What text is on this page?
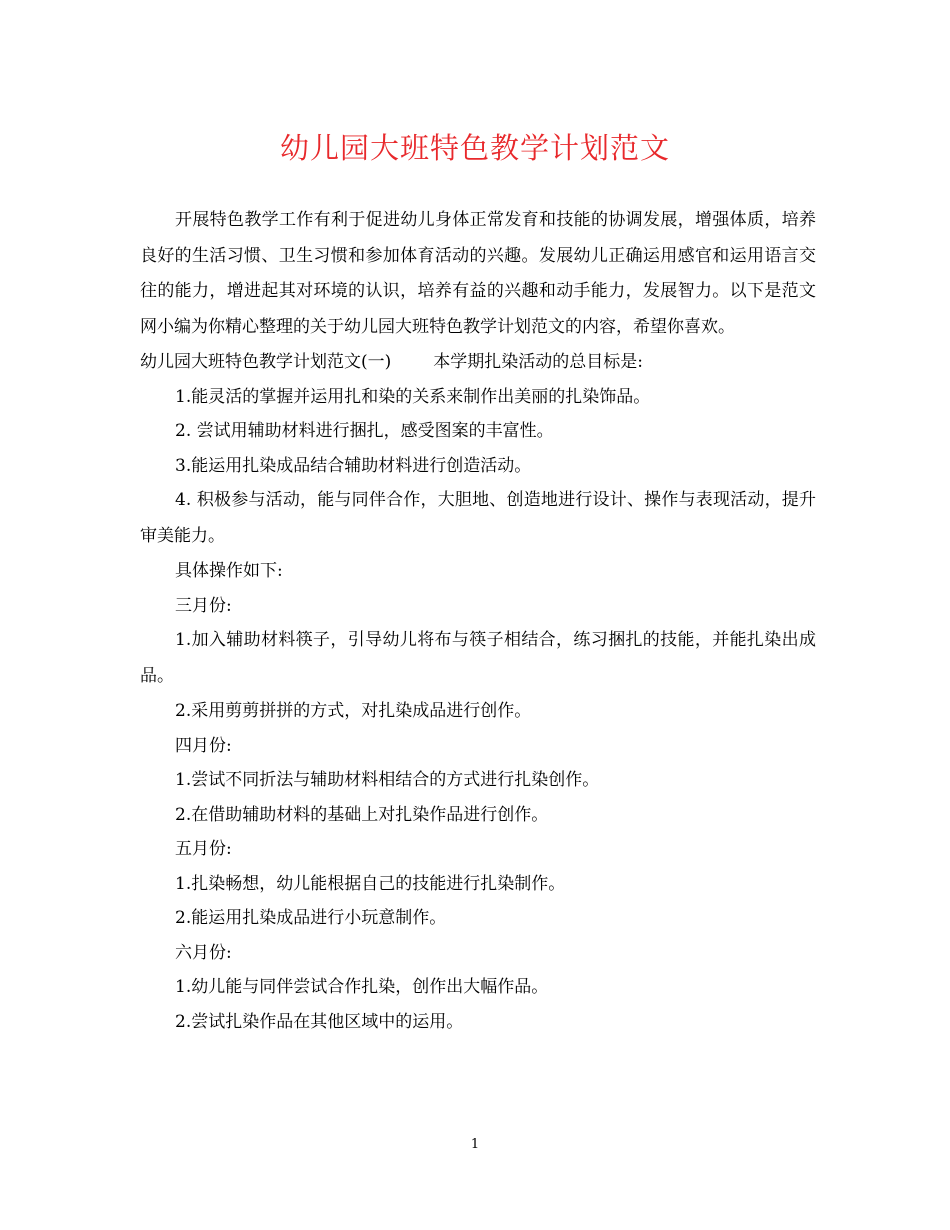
幼儿园大班特色教学计划范文

开展特色教学工作有利于促进幼儿身体正常发育和技能的协调发展，增强体质，培养良好的生活习惯、卫生习惯和参加体育活动的兴趣。发展幼儿正确运用感官和运用语言交往的能力，增进起其对环境的认识，培养有益的兴趣和动手能力，发展智力。以下是范文网小编为你精心整理的关于幼儿园大班特色教学计划范文的内容，希望你喜欢。

幼儿园大班特色教学计划范文(一) 本学期扎染活动的总目标是:

1.能灵活的掌握并运用扎和染的关系来制作出美丽的扎染饰品。

2. 尝试用辅助材料进行捆扎，感受图案的丰富性。

3.能运用扎染成品结合辅助材料进行创造活动。

4. 积极参与活动，能与同伴合作，大胆地、创造地进行设计、操作与表现活动，提升审美能力。

具体操作如下:

三月份:

1.加入辅助材料筷子，引导幼儿将布与筷子相结合，练习捆扎的技能，并能扎染出成品。

2.采用剪剪拼拼的方式，对扎染成品进行创作。

四月份:

1.尝试不同折法与辅助材料相结合的方式进行扎染创作。

2.在借助辅助材料的基础上对扎染作品进行创作。

五月份:

1.扎染畅想，幼儿能根据自己的技能进行扎染制作。

2.能运用扎染成品进行小玩意制作。

六月份:

1.幼儿能与同伴尝试合作扎染，创作出大幅作品。

2.尝试扎染作品在其他区域中的运用。

1
